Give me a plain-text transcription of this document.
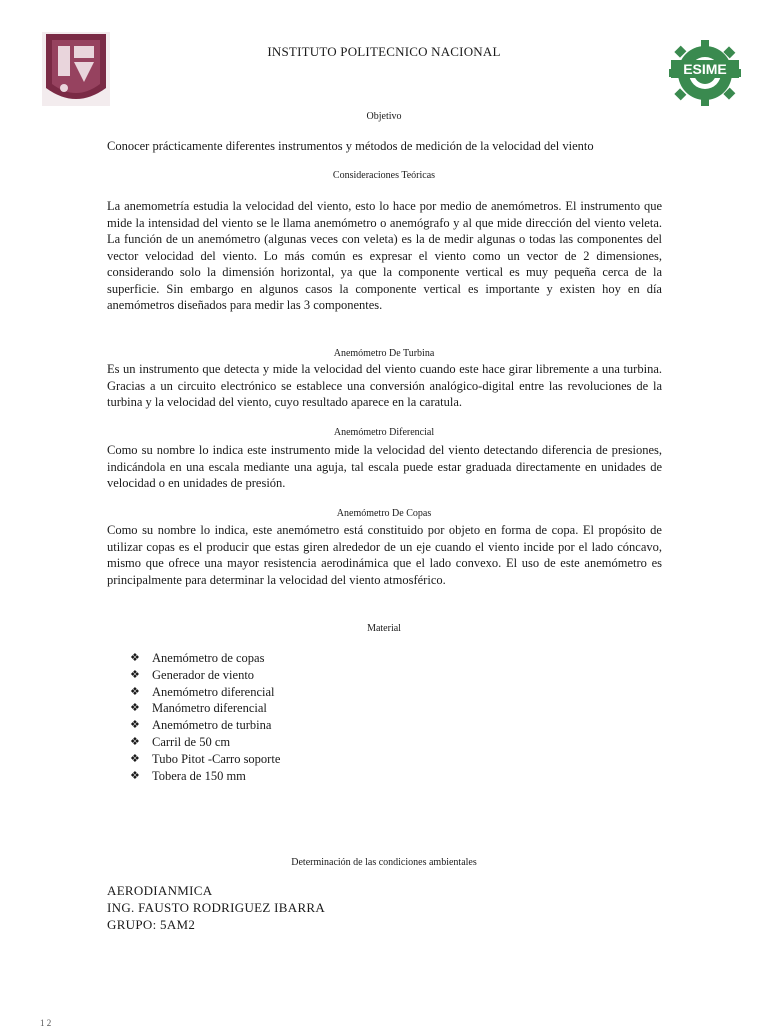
INSTITUTO POLITECNICO NACIONAL
ESIME
Objetivo
Conocer prácticamente diferentes instrumentos y métodos de medición de la velocidad del viento
Consideraciones Teóricas

La anemometría estudia la velocidad del viento, esto lo hace por medio de anemómetros. El instrumento que mide la intensidad del viento se le llama anemómetro o anemógrafo y al que mide dirección del viento veleta. La función de un anemómetro (algunas veces con veleta) es la de medir algunas o todas las componentes del vector velocidad del viento. Lo más común es expresar el viento como un vector de 2 dimensiones, considerando solo la dimensión horizontal, ya que la componente vertical es muy pequeña cerca de la superficie. Sin embargo en algunos casos la componente vertical es importante y existen hoy en día anemómetros diseñados para medir las 3 componentes.

Anemómetro De Turbina

Es un instrumento que detecta y mide la velocidad del viento cuando este hace girar libremente a una turbina. Gracias a un circuito electrónico se establece una conversión analógico-digital entre las revoluciones de la turbina y la velocidad del viento, cuyo resultado aparece en la caratula.

Anemómetro Diferencial

Como su nombre lo indica este instrumento mide la velocidad del viento detectando diferencia de presiones, indicándola en una escala mediante una aguja, tal escala puede estar graduada directamente en unidades de velocidad o en unidades de presión.

Anemómetro De Copas

Como su nombre lo indica, este anemómetro está constituido por objeto en forma de copa. El propósito de utilizar copas es el producir que estas giren alrededor de un eje cuando el viento incide por el lado cóncavo, mismo que ofrece una mayor resistencia aerodinámica que el lado convexo. El uso de este anemómetro es principalmente para determinar la velocidad del viento atmosférico.

Material
❖ Anemómetro de copas
❖ Generador de viento
❖ Anemómetro diferencial
❖ Manómetro diferencial
❖ Anemómetro de turbina
❖ Carril de 50 cm
❖ Tubo Pitot -Carro soporte
❖ Tobera de 150 mm
Determinación de las condiciones ambientales
AERODIANMICA
ING. FAUSTO RODRIGUEZ IBARRA
GRUPO: 5AM2
1 2
